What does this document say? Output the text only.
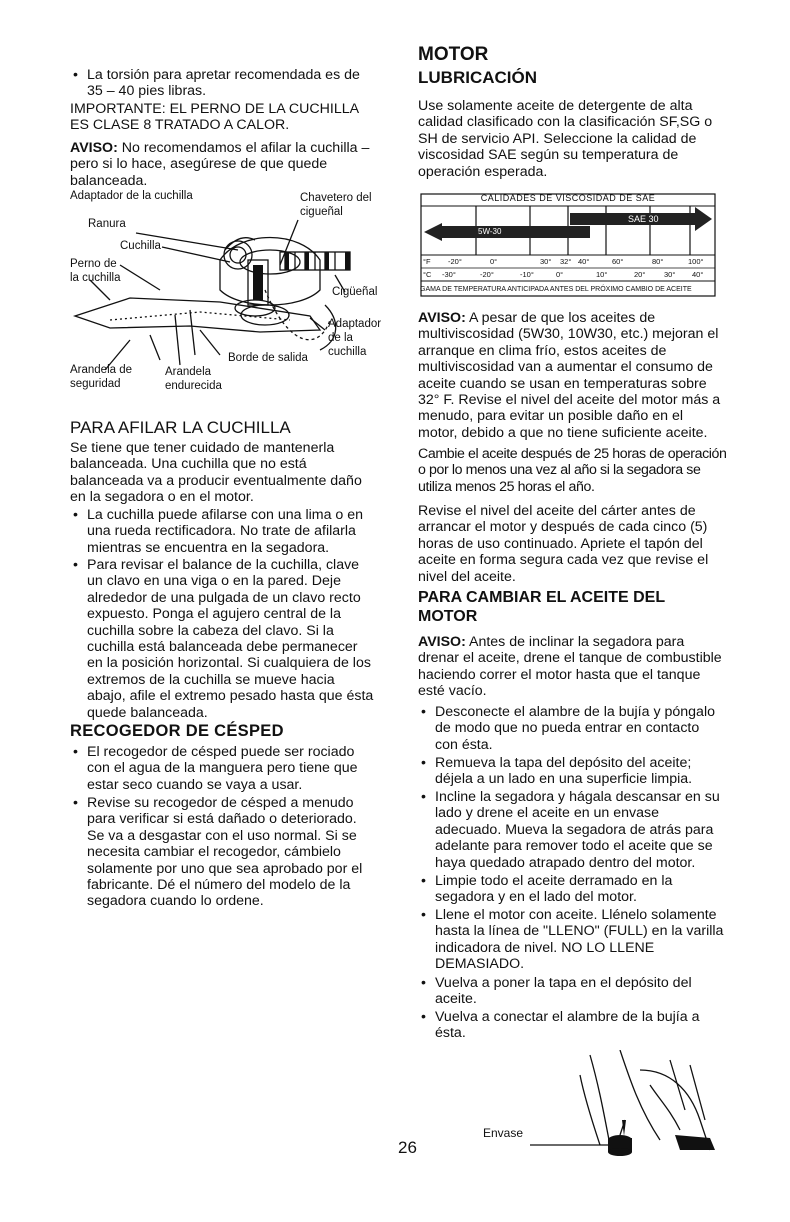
• La torsión para apretar recomendada es de
35 – 40 pies libras.
IMPORTANTE: EL PERNO DE LA CUCHILLA
ES CLASE 8 TRATADO A CALOR.
AVISO: No recomendamos el afilar la cuchilla –
pero si lo hace, asegúrese de que quede
balanceada.
Adaptador de la cuchilla	Chavetero del
cigueñal
Ranura
Cuchilla
Perno de
la cuchilla
Cigüeñal
Adaptador
de la
cuchilla
Arandela de
seguridad
Borde de salida
Arandela
endurecida
PARA AFILAR LA CUCHILLA
Se tiene que tener cuidado de mantenerla
balanceada. Una cuchilla que no está
balanceada va a producir eventualmente daño
en la segadora o en el motor.
• La cuchilla puede afilarse con una lima o en
una rueda rectificadora. No trate de afilarla
mientras se encuentra en la segadora.
• Para revisar el balance de la cuchilla, clave
un clavo en una viga o en la pared. Deje
alrededor de una pulgada de un clavo recto
expuesto. Ponga el agujero central de la
cuchilla sobre la cabeza del clavo. Si la
cuchilla está balanceada debe permanecer
en la posición horizontal. Si cualquiera de los
extremos de la cuchilla se mueve hacia
abajo, afile el extremo pesado hasta que ésta
quede balanceada.
RECOGEDOR DE CÉSPED
• El recogedor de césped puede ser rociado
con el agua de la manguera pero tiene que
estar seco cuando se vaya a usar.
• Revise su recogedor de césped a menudo
para verificar si está dañado o deteriorado.
Se va a desgastar con el uso normal. Si se
necesita cambiar el recogedor, cámbielo
solamente por uno que sea aprobado por el
fabricante. Dé el número del modelo de la
segadora cuando lo ordene.
MOTOR
LUBRICACIÓN
Use solamente aceite de detergente de alta
calidad clasificado con la clasificación SF,SG o
SH de servicio API. Seleccione la calidad de
viscosidad SAE según su temperatura de
operación esperada.
CALIDADES DE VISCOSIDAD DE SAE
5W-30
SAE 30
°F -20°	0°	30° 32° 40°	60°	80°	100°
°C -30°	-20°	-10°	0°	10°	20° 30° 40°
GAMA DE TEMPERATURA ANTICIPADA ANTES DEL PRÓXIMO CAMBIO DE ACEITE
AVISO: A pesar de que los aceites de
multiviscosidad (5W30, 10W30, etc.) mejoran el
arranque en clima frío, estos aceites de
multiviscosidad van a aumentar el consumo de
aceite cuando se usan en temperaturas sobre
32° F. Revise el nivel del aceite del motor más a
menudo, para evitar un posible daño en el
motor, debido a que no tiene suficiente aceite.
Cambie el aceite después de 25 horas de operación
o por lo menos una vez al año si la segadora se
utiliza menos 25 horas el año.
Revise el nivel del aceite del cárter antes de
arrancar el motor y después de cada cinco (5)
horas de uso continuado. Apriete el tapón del
aceite en forma segura cada vez que revise el
nivel del aceite.
PARA CAMBIAR EL ACEITE DEL
MOTOR
AVISO: Antes de inclinar la segadora para
drenar el aceite, drene el tanque de combustible
haciendo correr el motor hasta que el tanque
esté vacío.
• Desconecte el alambre de la bujía y póngalo
de modo que no pueda entrar en contacto
con ésta.
• Remueva la tapa del depósito del aceite;
déjela a un lado en una superficie limpia.
• Incline la segadora y hágala descansar en su
lado y drene el aceite en un envase
adecuado. Mueva la segadora de atrás para
adelante para remover todo el aceite que se
haya quedado atrapado dentro del motor.
• Limpie todo el aceite derramado en la
segadora y en el lado del motor.
• Llene el motor con aceite. Llénelo solamente
hasta la línea de "LLENO" (FULL) en la varilla
indicadora de nivel. NO LO LLENE
DEMASIADO.
• Vuelva a poner la tapa en el depósito del
aceite.
• Vuelva a conectar el alambre de la bujía a
ésta.
Envase
26
